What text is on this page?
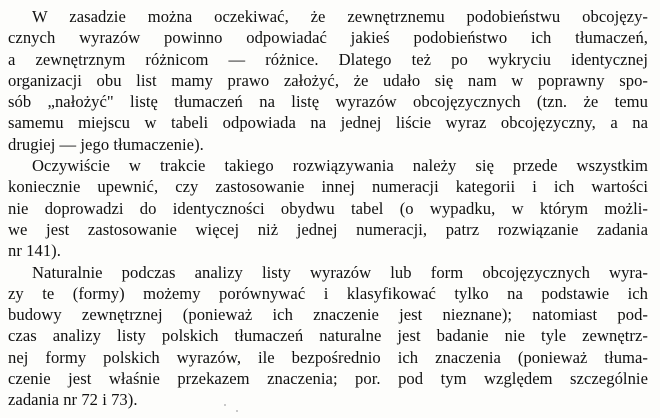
W zasadzie można oczekiwać, że zewnętrznemu podobieństwu obcojęzy-
cznych wyrazów powinno odpowiadać jakieś podobieństwo ich tłumaczeń,
a zewnętrznym różnicom — różnice. Dlatego też po wykryciu identycznej
organizacji obu list mamy prawo założyć, że udało się nam w poprawny spo-
sób „nałożyć" listę tłumaczeń na listę wyrazów obcojęzycznych (tzn. że temu
samemu miejscu w tabeli odpowiada na jednej liście wyraz obcojęzyczny, a na
drugiej — jego tłumaczenie).
Oczywiście w trakcie takiego rozwiązywania należy się przede wszystkim
koniecznie upewnić, czy zastosowanie innej numeracji kategorii i ich wartości
nie doprowadzi do identyczności obydwu tabel (o wypadku, w którym możli-
we jest zastosowanie więcej niż jednej numeracji, patrz rozwiązanie zadania
nr 141).
Naturalnie podczas analizy listy wyrazów lub form obcojęzycznych wyra-
zy te (formy) możemy porównywać i klasyfikować tylko na podstawie ich
budowy zewnętrznej (ponieważ ich znaczenie jest nieznane); natomiast pod-
czas analizy listy polskich tłumaczeń naturalne jest badanie nie tyle zewnętrz-
nej formy polskich wyrazów, ile bezpośrednio ich znaczenia (ponieważ tłuma-
czenie jest właśnie przekazem znaczenia; por. pod tym względem szczególnie
zadania nr 72 i 73).
